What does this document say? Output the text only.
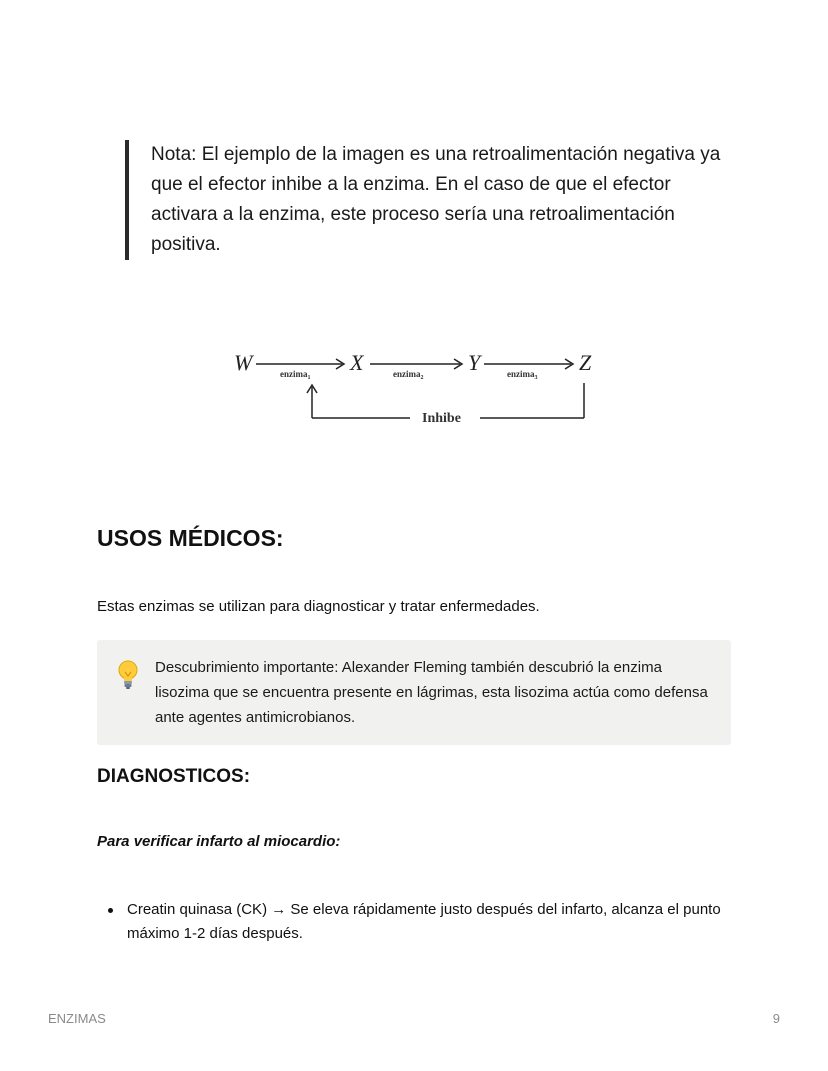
Nota: El ejemplo de la imagen es una retroalimentación negativa ya que el efector inhibe a la enzima. En el caso de que el efector activara a la enzima, este proceso sería una retroalimentación positiva.
W	X	Y	Z
enzima$_1$	enzima$_2$	enzima$_3$
Inhibe
USOS MÉDICOS:

Estas enzimas se utilizan para diagnosticar y tratar enfermedades.

Descubrimiento importante: Alexander Fleming también descubrió la enzima lisozima que se encuentra presente en lágrimas, esta lisozima actúa como defensa ante agentes antimicrobianos.
DIAGNOSTICOS:

Para verificar infarto al miocardio:

Creatin quinasa (CK) → Se eleva rápidamente justo después del infarto, alcanza el punto máximo 1-2 días después.
ENZIMAS	9
